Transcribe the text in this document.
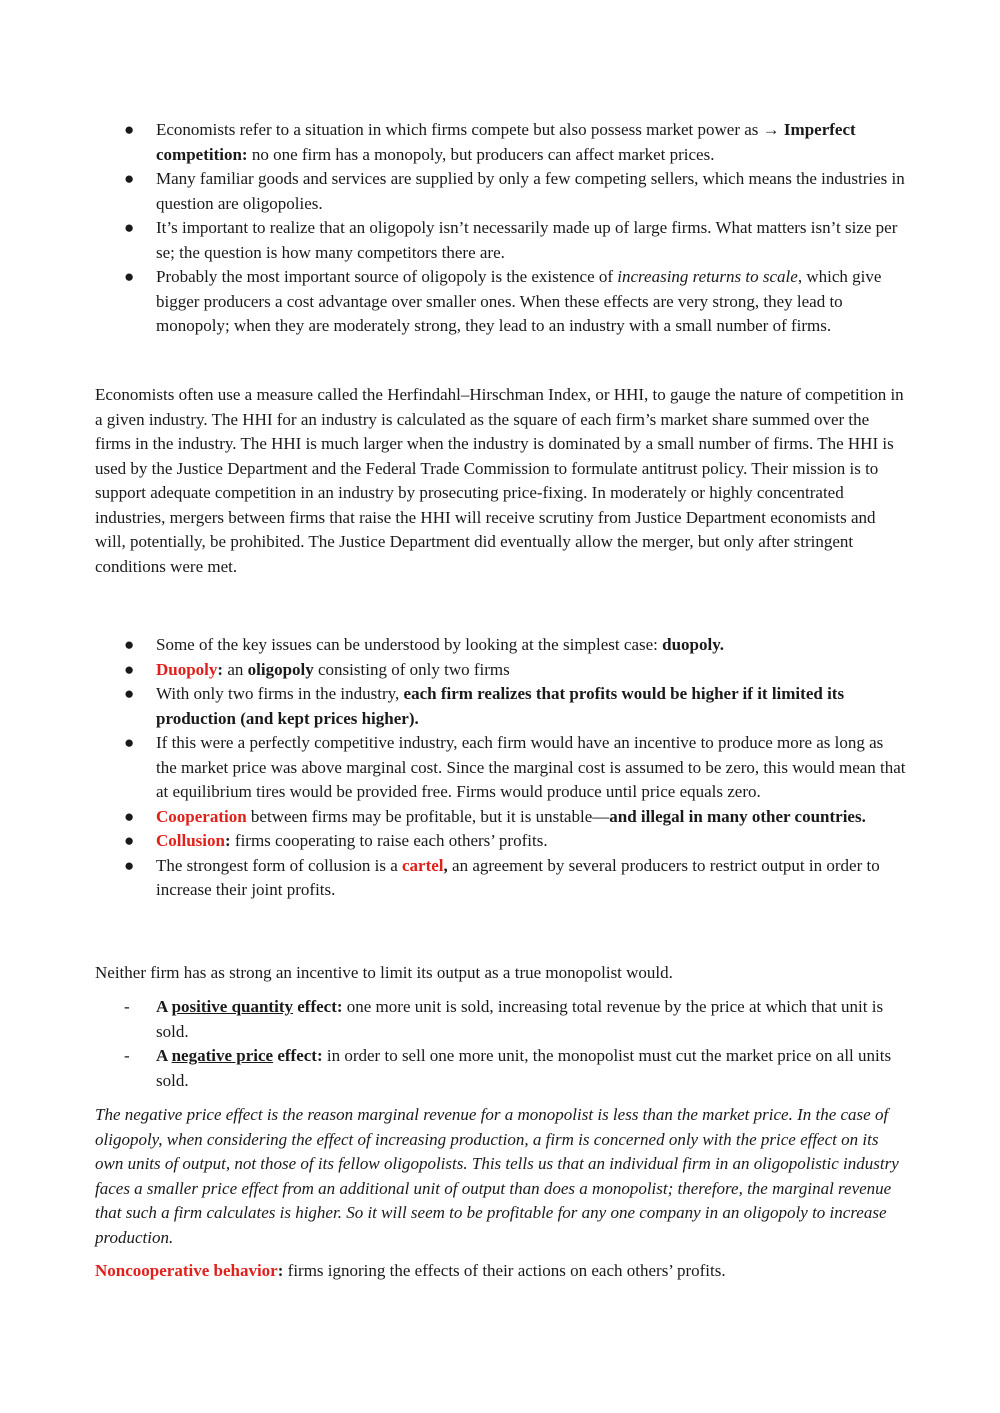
● Economists refer to a situation in which firms compete but also possess market power as → Imperfect competition: no one firm has a monopoly, but producers can affect market prices.
● Many familiar goods and services are supplied by only a few competing sellers, which means the industries in question are oligopolies.
● It’s important to realize that an oligopoly isn’t necessarily made up of large firms. What matters isn’t size per se; the question is how many competitors there are.
● Probably the most important source of oligopoly is the existence of increasing returns to scale, which give bigger producers a cost advantage over smaller ones. When these effects are very strong, they lead to monopoly; when they are moderately strong, they lead to an industry with a small number of firms.

Economists often use a measure called the Herfindahl–Hirschman Index, or HHI, to gauge the nature of competition in a given industry. The HHI for an industry is calculated as the square of each firm’s market share summed over the firms in the industry. The HHI is much larger when the industry is dominated by a small number of firms. The HHI is used by the Justice Department and the Federal Trade Commission to formulate antitrust policy. Their mission is to support adequate competition in an industry by prosecuting price-fixing. In moderately or highly concentrated industries, mergers between firms that raise the HHI will receive scrutiny from Justice Department economists and will, potentially, be prohibited. The Justice Department did eventually allow the merger, but only after stringent conditions were met.

● Some of the key issues can be understood by looking at the simplest case: duopoly.
● Duopoly: an oligopoly consisting of only two firms
● With only two firms in the industry, each firm realizes that profits would be higher if it limited its production (and kept prices higher).
● If this were a perfectly competitive industry, each firm would have an incentive to produce more as long as the market price was above marginal cost. Since the marginal cost is assumed to be zero, this would mean that at equilibrium tires would be provided free. Firms would produce until price equals zero.
● Cooperation between firms may be profitable, but it is unstable—and illegal in many other countries.
● Collusion: firms cooperating to raise each others’ profits.
● The strongest form of collusion is a cartel, an agreement by several producers to restrict output in order to increase their joint profits.

Neither firm has as strong an incentive to limit its output as a true monopolist would.

- A positive quantity effect: one more unit is sold, increasing total revenue by the price at which that unit is sold.
- A negative price effect: in order to sell one more unit, the monopolist must cut the market price on all units sold.

The negative price effect is the reason marginal revenue for a monopolist is less than the market price. In the case of oligopoly, when considering the effect of increasing production, a firm is concerned only with the price effect on its own units of output, not those of its fellow oligopolists. This tells us that an individual firm in an oligopolistic industry faces a smaller price effect from an additional unit of output than does a monopolist; therefore, the marginal revenue that such a firm calculates is higher. So it will seem to be profitable for any one company in an oligopoly to increase production.

Noncooperative behavior: firms ignoring the effects of their actions on each others’ profits.
